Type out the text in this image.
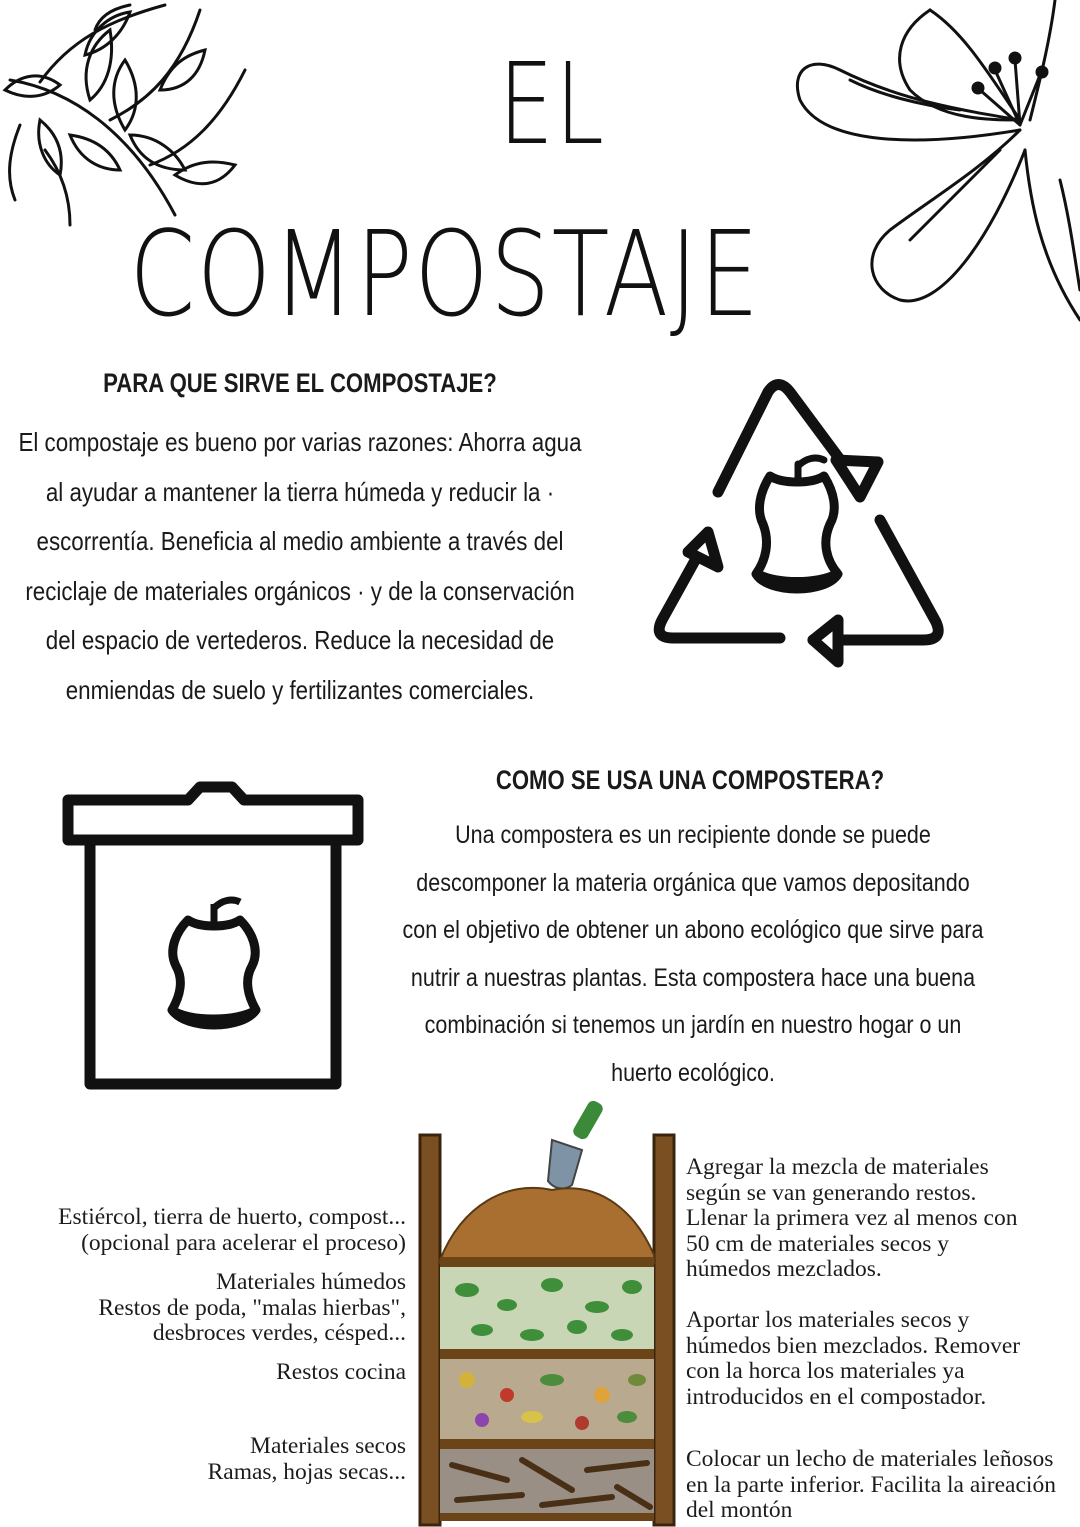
EL
COMPOSTAJE
PARA QUE SIRVE EL COMPOSTAJE?

El compostaje es bueno por varias razones: Ahorra agua al ayudar a mantener la tierra húmeda y reducir la · escorrentía. Beneficia al medio ambiente a través del reciclaje de materiales orgánicos · y de la conservación del espacio de vertederos. Reduce la necesidad de enmiendas de suelo y fertilizantes comerciales.

COMO SE USA UNA COMPOSTERA?

Una compostera es un recipiente donde se puede descomponer la materia orgánica que vamos depositando con el objetivo de obtener un abono ecológico que sirve para nutrir a nuestras plantas. Esta compostera hace una buena combinación si tenemos un jardín en nuestro hogar o un huerto ecológico.

Estiércol, tierra de huerto, compost...
(opcional para acelerar el proceso)

Materiales húmedos
Restos de poda, "malas hierbas",
desbroces verdes, césped...

Restos cocina

Materiales secos
Ramas, hojas secas...

Agregar la mezcla de materiales
según se van generando restos.
Llenar la primera vez al menos con
50 cm de materiales secos y
húmedos mezclados.

Aportar los materiales secos y
húmedos bien mezclados. Remover
con la horca los materiales ya
introducidos en el compostador.

Colocar un lecho de materiales leñosos
en la parte inferior. Facilita la aireación
del montón
